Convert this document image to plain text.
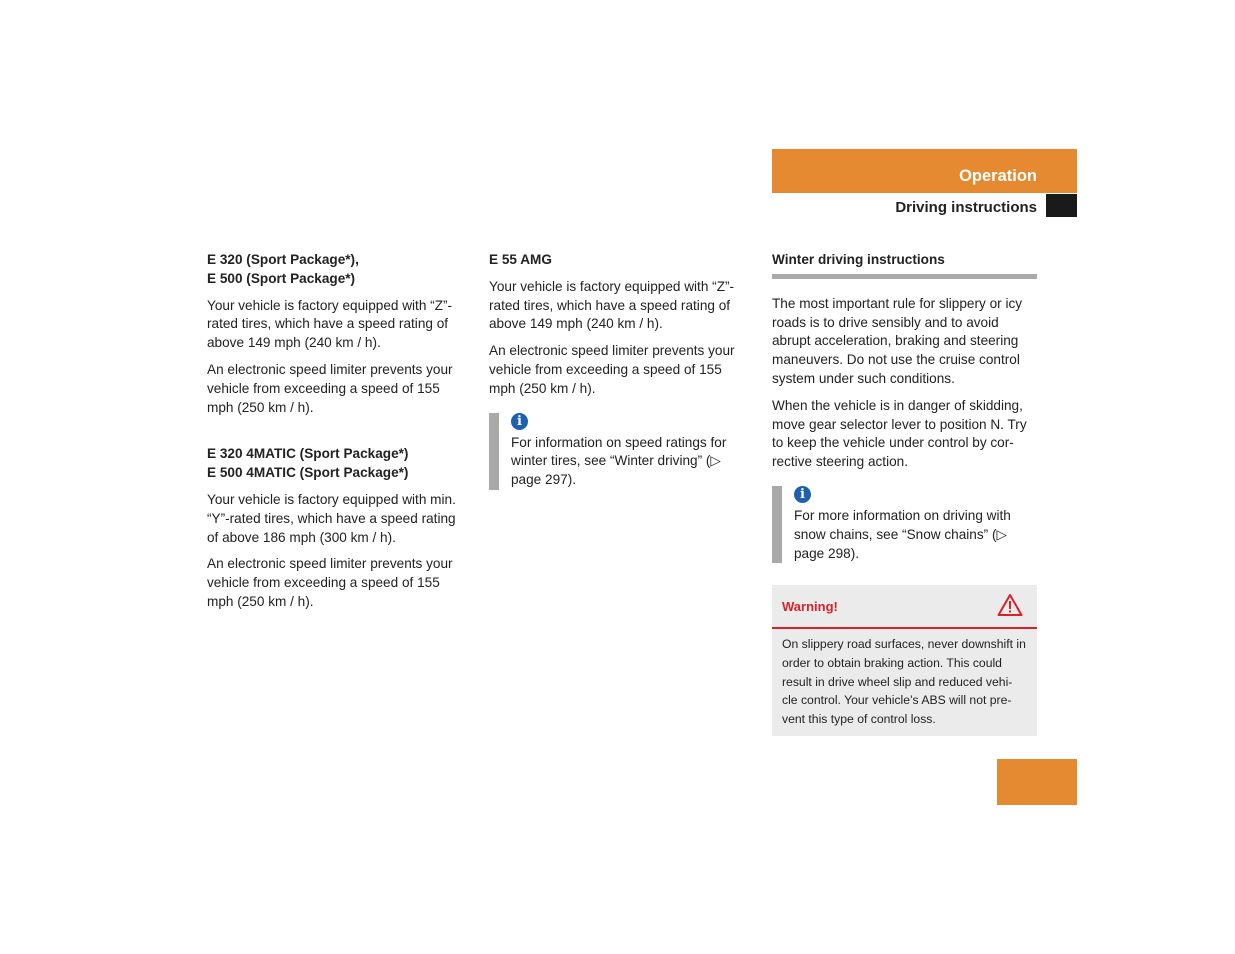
Operation
Driving instructions
E 320 (Sport Package*),
E 500 (Sport Package*)

Your vehicle is factory equipped with “Z”-rated tires, which have a speed rating of above 149 mph (240 km / h).

An electronic speed limiter prevents your vehicle from exceeding a speed of 155 mph (250 km / h).

E 320 4MATIC (Sport Package*)
E 500 4MATIC (Sport Package*)

Your vehicle is factory equipped with min. “Y”-rated tires, which have a speed rating of above 186 mph (300 km / h).

An electronic speed limiter prevents your vehicle from exceeding a speed of 155 mph (250 km / h).

E 55 AMG

Your vehicle is factory equipped with “Z”-rated tires, which have a speed rating of above 149 mph (240 km / h).

An electronic speed limiter prevents your vehicle from exceeding a speed of 155 mph (250 km / h).

i

For information on speed ratings for winter tires, see “Winter driving” (▷ page 297).

Winter driving instructions

The most important rule for slippery or icy roads is to drive sensibly and to avoid abrupt acceleration, braking and steering maneuvers. Do not use the cruise control system under such conditions.

When the vehicle is in danger of skidding, move gear selector lever to position N. Try to keep the vehicle under control by cor-rective steering action.

i

For more information on driving with snow chains, see “Snow chains” (▷ page 298).

Warning!
On slippery road surfaces, never downshift in order to obtain braking action. This could result in drive wheel slip and reduced vehi-cle control. Your vehicle’s ABS will not pre-vent this type of control loss.
275
